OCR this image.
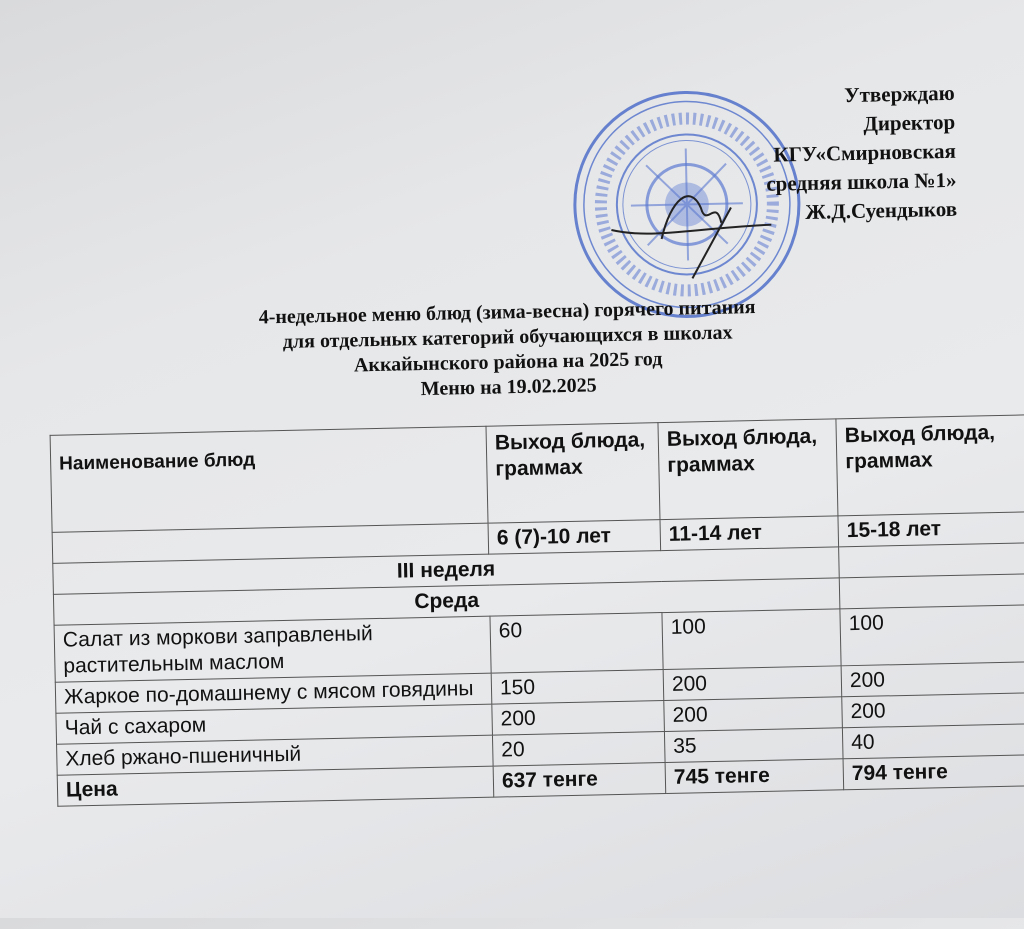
Утверждаю
Директор
КГУ«Смирновская
средняя школа №1»
Ж.Д.Суендыков
4-недельное меню блюд (зима-весна) горячего питания
для отдельных категорий обучающихся в школах
Аккайынского района на 2025 год
Меню на 19.02.2025
Наименование блюд	Выход блюда, граммах	Выход блюда, граммах	Выход блюда, граммах
	6 (7)-10 лет	11-14 лет	15-18 лет
III неделя			
Среда			
Салат из моркови заправленый растительным маслом	60	100	100
Жаркое по-домашнему с мясом говядины	150	200	200
Чай с сахаром	200	200	200
Хлеб ржано-пшеничный	20	35	40
Цена	637 тенге	745 тенге	794 тенге
